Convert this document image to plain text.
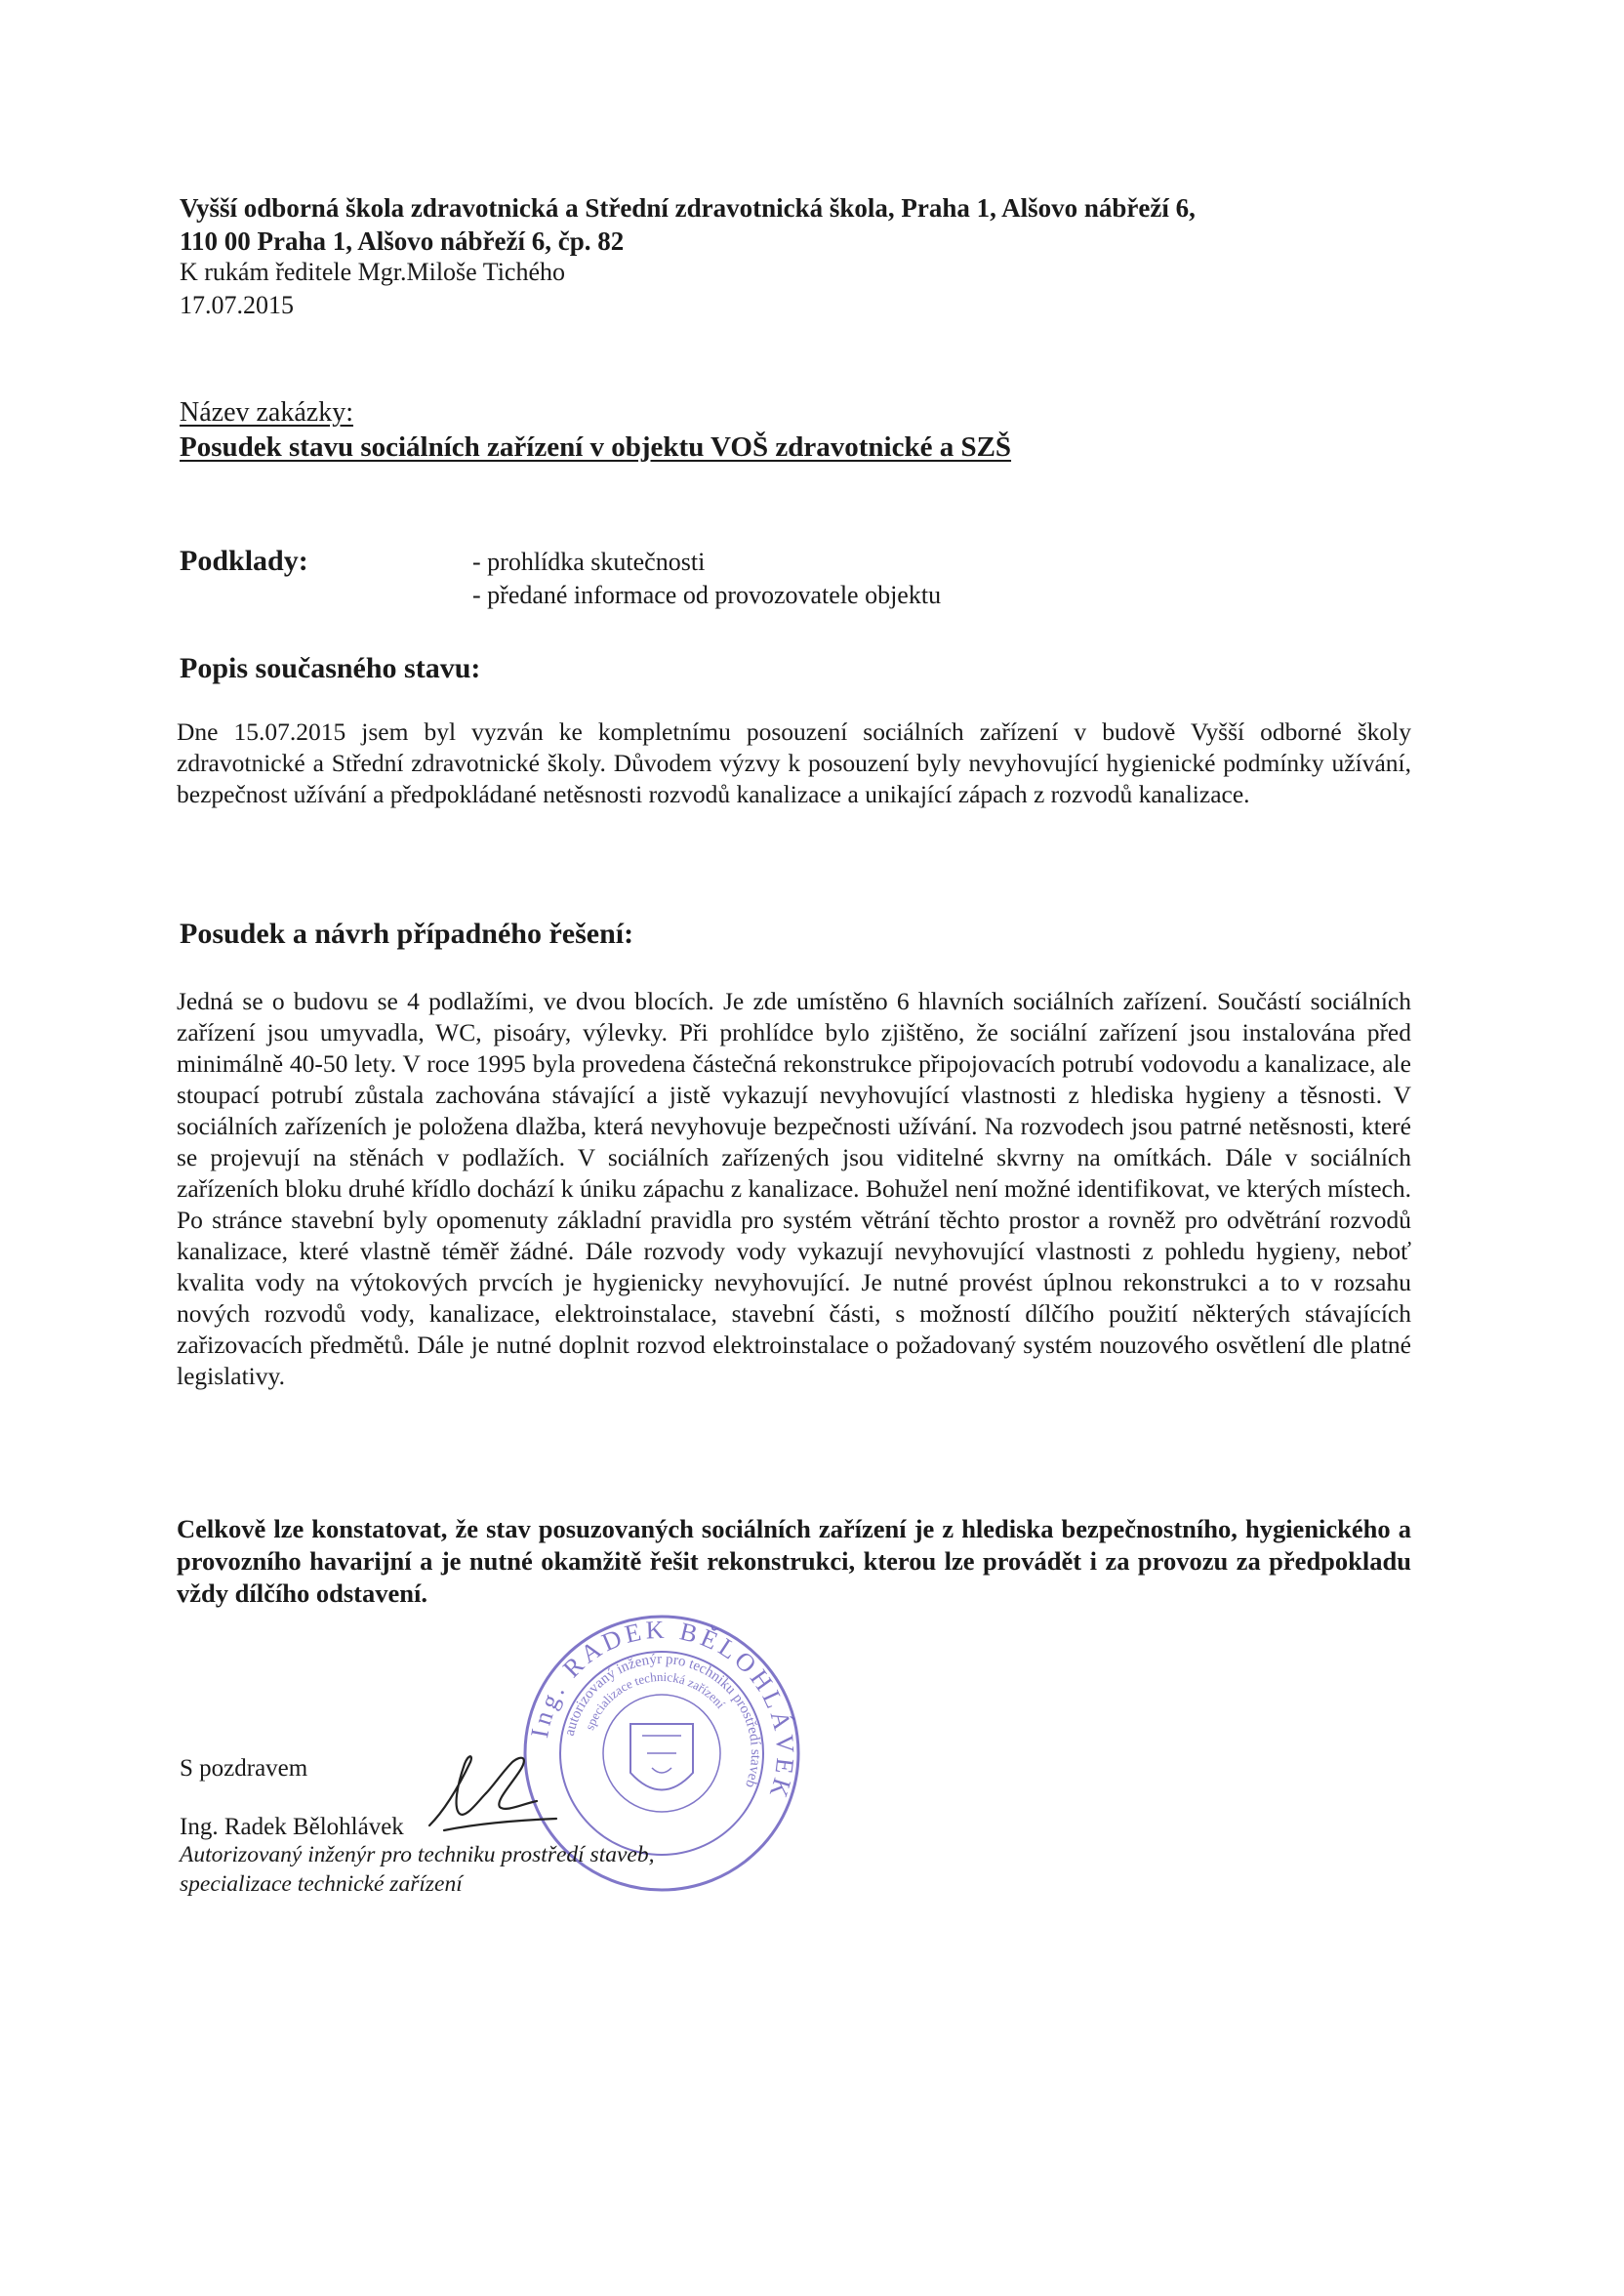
Vyšší odborná škola zdravotnická a Střední zdravotnická škola, Praha 1, Alšovo nábřeží 6,
110 00 Praha 1, Alšovo nábřeží 6, čp. 82
K rukám ředitele Mgr.Miloše Tichého
17.07.2015
Název zakázky:
Posudek stavu sociálních zařízení v objektu VOŠ zdravotnické a SZŠ
Podklady:	- prohlídka skutečnosti
- předané informace od provozovatele objektu
Popis současného stavu:
Dne 15.07.2015 jsem byl vyzván ke kompletnímu posouzení sociálních zařízení v budově Vyšší odborné školy zdravotnické a Střední zdravotnické školy. Důvodem výzvy k posouzení byly nevyhovující hygienické podmínky užívání, bezpečnost užívání a předpokládané netěsnosti rozvodů kanalizace a unikající zápach z rozvodů kanalizace.
Posudek a návrh případného řešení:
Jedná se o budovu se 4 podlažími, ve dvou blocích. Je zde umístěno 6 hlavních sociálních zařízení. Součástí sociálních zařízení jsou umyvadla, WC, pisoáry, výlevky. Při prohlídce bylo zjištěno, že sociální zařízení jsou instalována před minimálně 40-50 lety. V roce 1995 byla provedena částečná rekonstrukce připojovacích potrubí vodovodu a kanalizace, ale stoupací potrubí zůstala zachována stávající a jistě vykazují nevyhovující vlastnosti z hlediska hygieny a těsnosti. V sociálních zařízeních je položena dlažba, která nevyhovuje bezpečnosti užívání. Na rozvodech jsou patrné netěsnosti, které se projevují na stěnách v podlažích. V sociálních zařízených jsou viditelné skvrny na omítkách. Dále v sociálních zařízeních bloku druhé křídlo dochází k úniku zápachu z kanalizace. Bohužel není možné identifikovat, ve kterých místech. Po stránce stavební byly opomenuty základní pravidla pro systém větrání těchto prostor a rovněž pro odvětrání rozvodů kanalizace, které vlastně téměř žádné. Dále rozvody vody vykazují nevyhovující vlastnosti z pohledu hygieny, neboť kvalita vody na výtokových prvcích je hygienicky nevyhovující. Je nutné provést úplnou rekonstrukci a to v rozsahu nových rozvodů vody, kanalizace, elektroinstalace, stavební části, s možností dílčího použití některých stávajících zařizovacích předmětů. Dále je nutné doplnit rozvod elektroinstalace o požadovaný systém nouzového osvětlení dle platné legislativy.
Celkově lze konstatovat, že stav posuzovaných sociálních zařízení je z hlediska bezpečnostního, hygienického a provozního havarijní a je nutné okamžitě řešit rekonstrukci, kterou lze provádět i za provozu za předpokladu vždy dílčího odstavení.
Ing. RADEK BĚLOHLÁVEK
autorizovaný inženýr pro techniku prostředí staveb
specializace technická zařízení
S pozdravem
Ing. Radek Bělohlávek
Autorizovaný inženýr pro techniku prostředí staveb,
specializace technické zařízení
